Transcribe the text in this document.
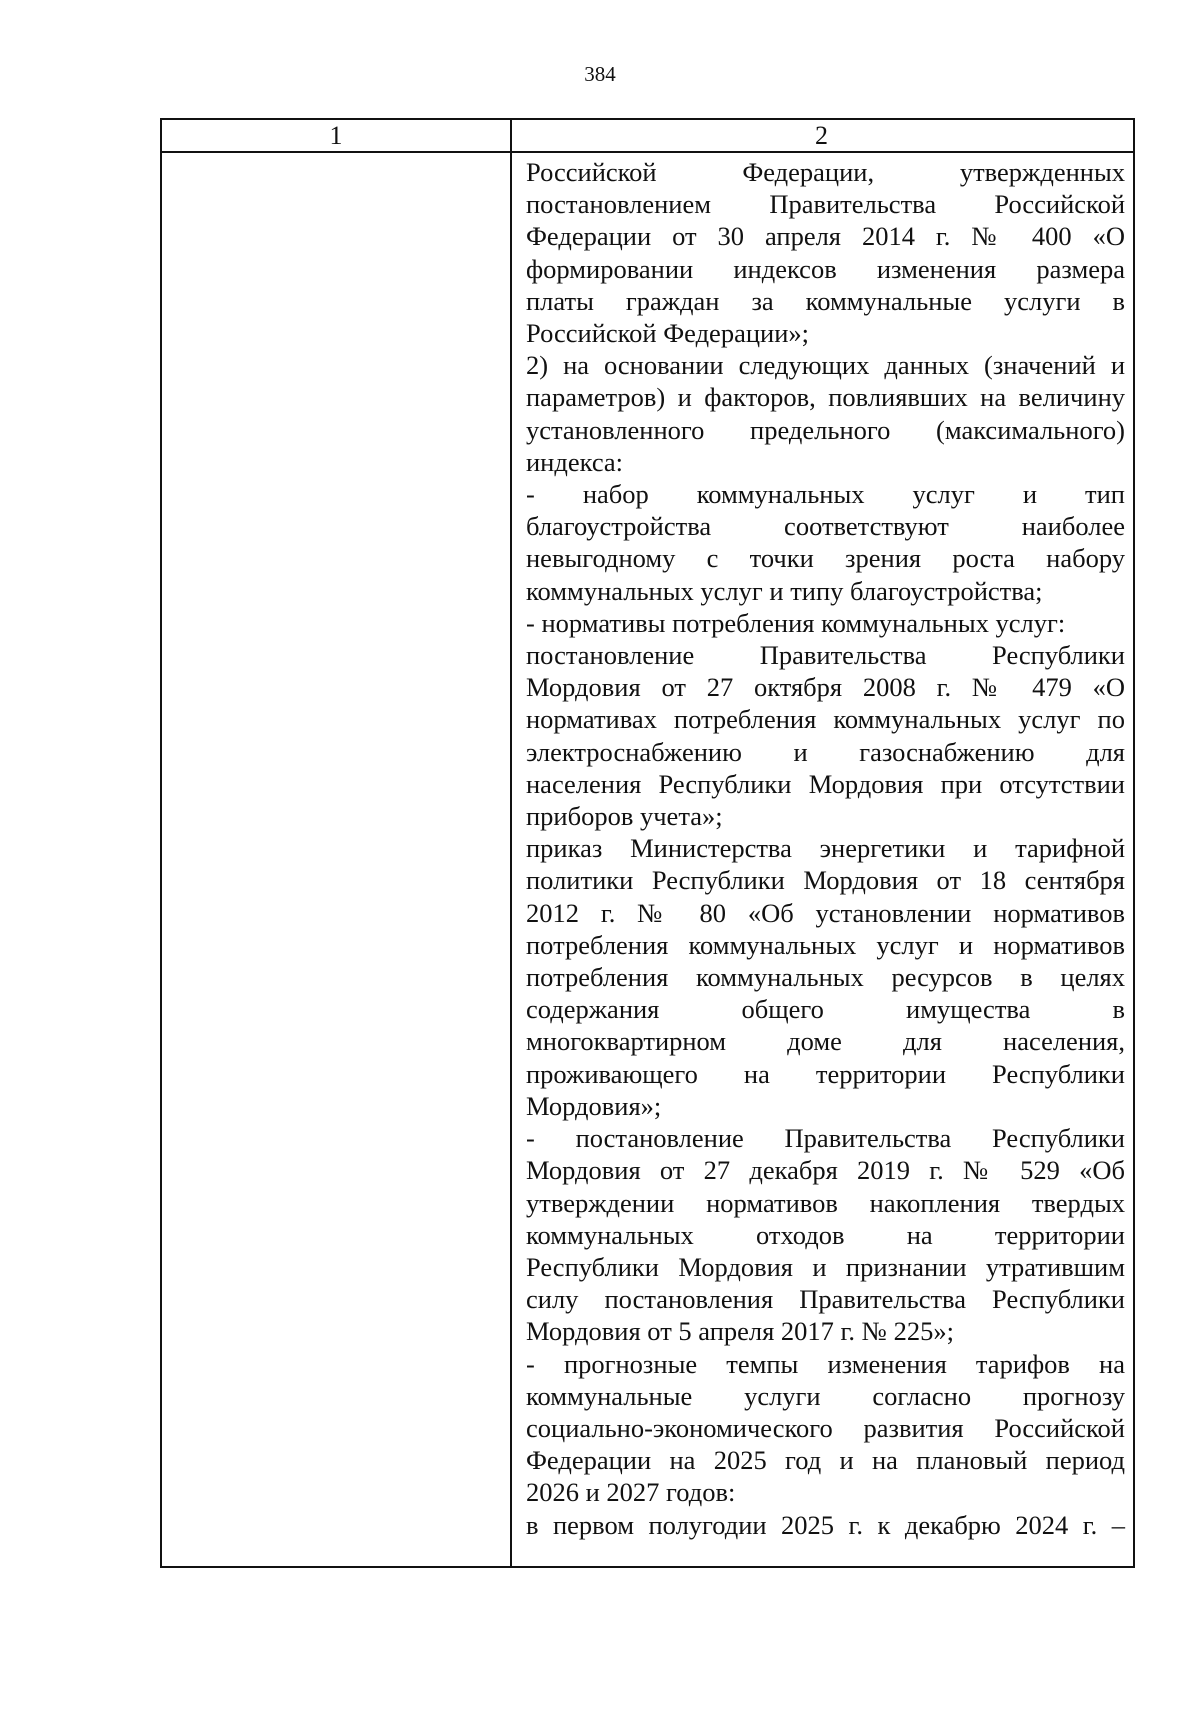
384
1	2
Российской Федерации, утвержденных
постановлением Правительства Российской
Федерации от 30 апреля 2014 г. № 400 «О
формировании индексов изменения размера
платы граждан за коммунальные услуги в
Российской Федерации»;
2) на основании следующих данных (значений и
параметров) и факторов, повлиявших на величину
установленного предельного (максимального)
индекса:
- набор коммунальных услуг и тип
благоустройства соответствуют наиболее
невыгодному с точки зрения роста набору
коммунальных услуг и типу благоустройства;
- нормативы потребления коммунальных услуг:
постановление Правительства Республики
Мордовия от 27 октября 2008 г. № 479 «О
нормативах потребления коммунальных услуг по
электроснабжению и газоснабжению для
населения Республики Мордовия при отсутствии
приборов учета»;
приказ Министерства энергетики и тарифной
политики Республики Мордовия от 18 сентября
2012 г. № 80 «Об установлении нормативов
потребления коммунальных услуг и нормативов
потребления коммунальных ресурсов в целях
содержания общего имущества в
многоквартирном доме для населения,
проживающего на территории Республики
Мордовия»;
- постановление Правительства Республики
Мордовия от 27 декабря 2019 г. № 529 «Об
утверждении нормативов накопления твердых
коммунальных отходов на территории
Республики Мордовия и признании утратившим
силу постановления Правительства Республики
Мордовия от 5 апреля 2017 г. № 225»;
- прогнозные темпы изменения тарифов на
коммунальные услуги согласно прогнозу
социально-экономического развития Российской
Федерации на 2025 год и на плановый период
2026 и 2027 годов:
в первом полугодии 2025 г. к декабрю 2024 г. –
